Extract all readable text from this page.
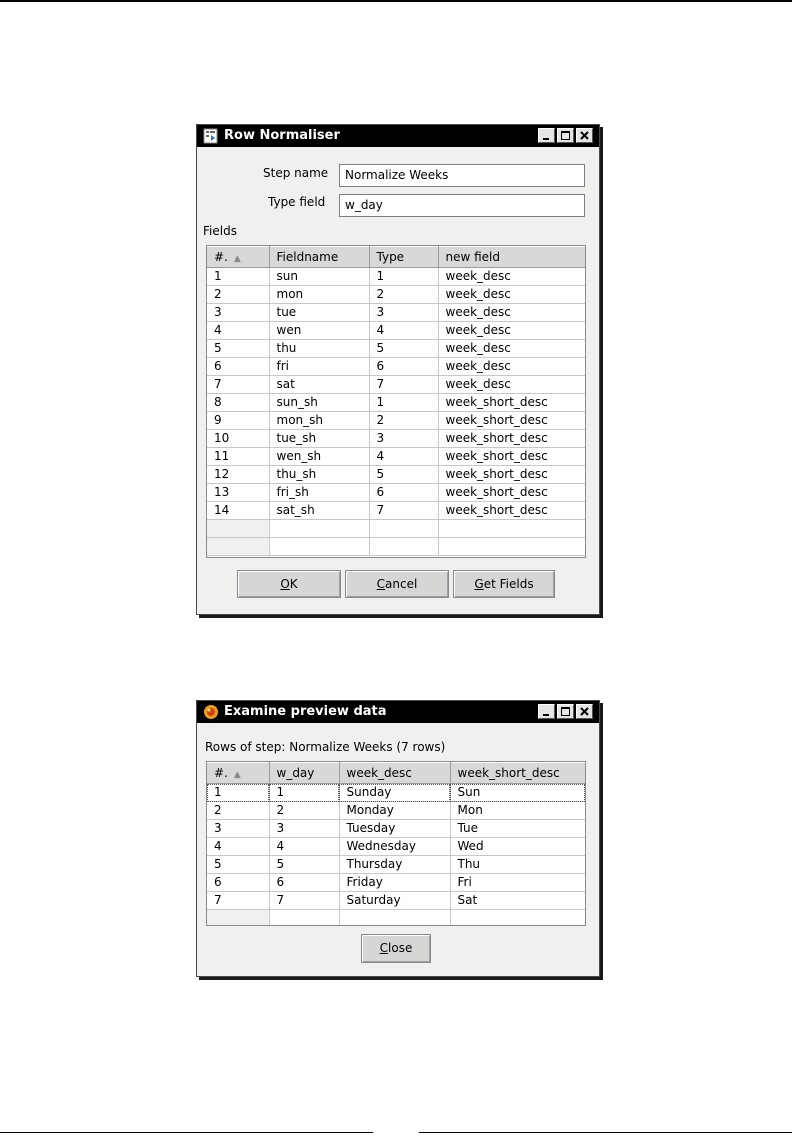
Row Normaliser
Step name	Normalize Weeks
Type field	w_day
Fields
#. ▲	Fieldname	Type	new field
1	sun	1	week_desc
2	mon	2	week_desc
3	tue	3	week_desc
4	wen	4	week_desc
5	thu	5	week_desc
6	fri	6	week_desc
7	sat	7	week_desc
8	sun_sh	1	week_short_desc
9	mon_sh	2	week_short_desc
10	tue_sh	3	week_short_desc
11	wen_sh	4	week_short_desc
12	thu_sh	5	week_short_desc
13	fri_sh	6	week_short_desc
14	sat_sh	7	week_short_desc

OK	Cancel	Get Fields
Examine preview data
Rows of step: Normalize Weeks (7 rows)
#. ▲	w_day	week_desc	week_short_desc
1	1	Sunday	Sun
2	2	Monday	Mon
3	3	Tuesday	Tue
4	4	Wednesday	Wed
5	5	Thursday	Thu
6	6	Friday	Fri
7	7	Saturday	Sat

Close
